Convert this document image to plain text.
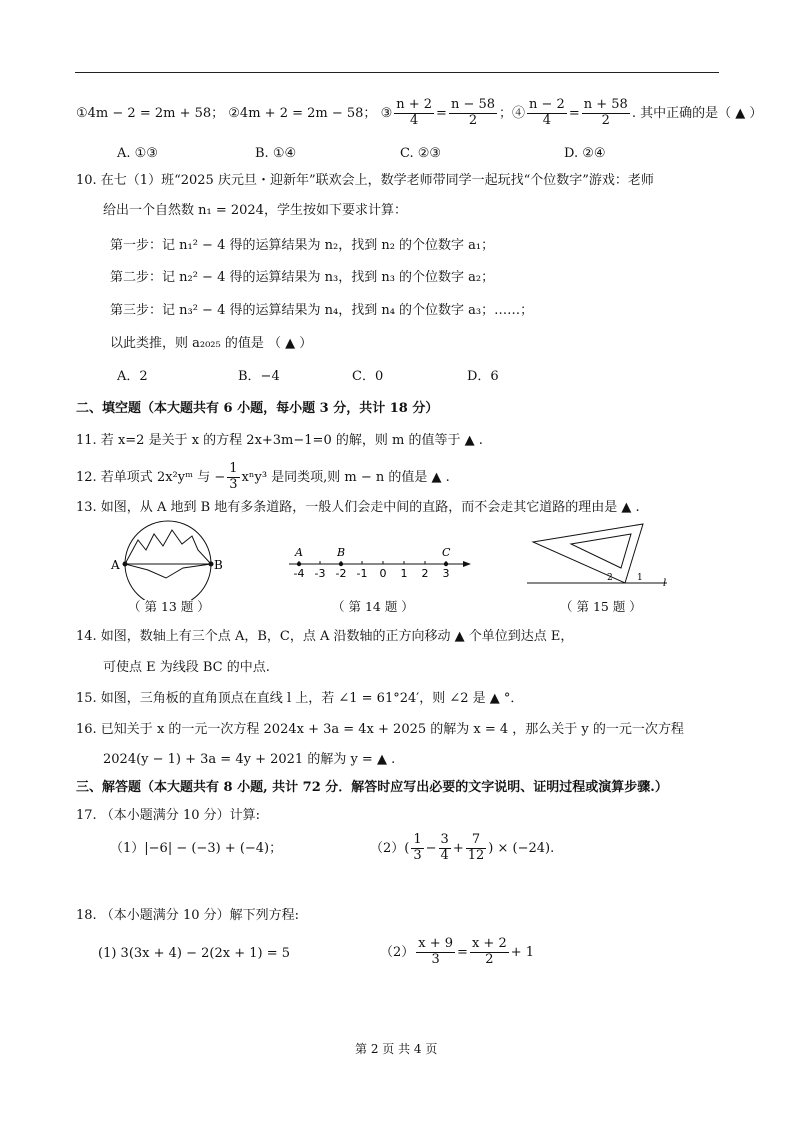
①4m − 2 = 2m + 58； ②4m + 2 = 2m − 58； ③ $\frac{n + 2}{4} = \frac{n - 58}{2}$ ；④ $\frac{n - 2}{4} = \frac{n + 58}{2}$ . 其中正确的是（ ▲ ）
A. ①③	B. ①④	C. ②③	D. ②④
10. 在七（1）班“2025 庆元旦・迎新年”联欢会上，数学老师带同学一起玩找“个位数字”游戏：老师
给出一个自然数 n₁ = 2024，学生按如下要求计算：
第一步：记 n₁² − 4 得的运算结果为 n₂，找到 n₂ 的个位数字 a₁；
第二步：记 n₂² − 4 得的运算结果为 n₃，找到 n₃ 的个位数字 a₂；
第三步：记 n₃² − 4 得的运算结果为 n₄，找到 n₄ 的个位数字 a₃；……；
以此类推，则 a₂₀₂₅ 的值是 （ ▲ ）
A．2	B．−4	C．0	D．6
二、填空题（本大题共有 6 小题，每小题 3 分，共计 18 分）
11. 若 x=2 是关于 x 的方程 2x+3m−1=0 的解，则 m 的值等于 ▲ .
12. 若单项式 2x²yᵐ 与 − $\frac{1}{3} x^ny^3$ 是同类项,则 m − n 的值是 ▲ .
13. 如图，从 A 地到 B 地有多条道路，一般人们会走中间的直路，而不会走其它道路的理由是 ▲ .
A	B
（ 第 13 题 ）
-4 -3 -2 -1 0 1 2 3
A	B	C
（ 第 14 题 ）
2	1 l
（ 第 15 题 ）
14. 如图，数轴上有三个点 A，B，C，点 A 沿数轴的正方向移动 ▲ 个单位到达点 E，
可使点 E 为线段 BC 的中点.
15. 如图，三角板的直角顶点在直线 l 上，若 ∠1 = 61°24′，则 ∠2 是 ▲ °．
16. 已知关于 x 的一元一次方程 2024x + 3a = 4x + 2025 的解为 x = 4 ，那么关于 y 的一元一次方程
2024(y − 1) + 3a = 4y + 2021 的解为 y = ▲ .
三、解答题（本大题共有 8 小题, 共计 72 分．解答时应写出必要的文字说明、证明过程或演算步骤.）
17. （本小题满分 10 分）计算:
（1）|−6| − (−3) + (−4)；	$(2)( \frac{1}{3} - \frac{3}{4} + \frac{7}{12}$ ) × (−24).
18. （本小题满分 10 分）解下列方程:
(1) 3(3x + 4) − 2(2x + 1) = 5	$(2) \frac{x + 9}{3} = \frac{x + 2}{2} + 1$
第 2 页 共 4 页
